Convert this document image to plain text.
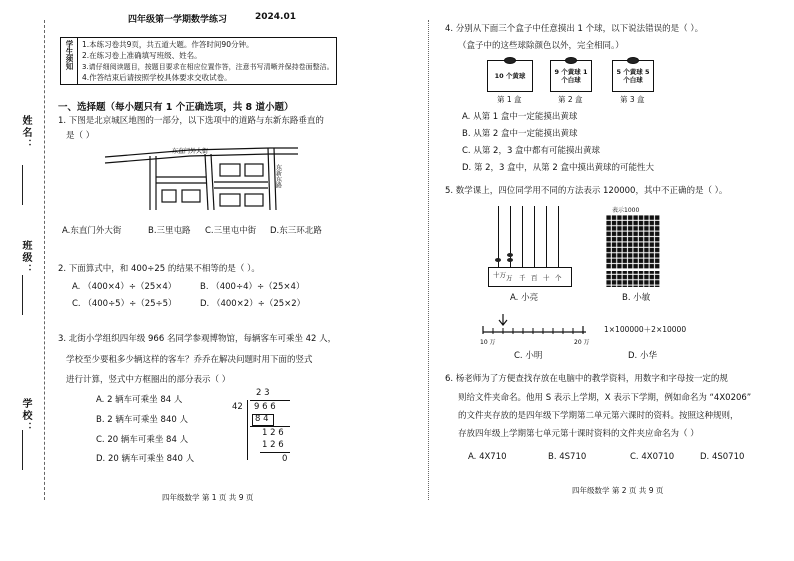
姓名：
班级：
学校：
四年级第一学期数学练习	2024.01
学生须知 1.本练习卷共9页，共五道大题。作答时间90分钟。
2.在练习卷上准确填写班级、姓名。
3.请仔细阅读题目，按题目要求在相应位置作答，注意书写清晰并保持卷面整洁。
4.作答结束后请按照学校具体要求交收试卷。
一、选择题（每小题只有 1 个正确选项，共 8 道小题）
1. 下图是北京城区地图的一部分，以下选项中的道路与东新东路垂直的
是（ ）
东直门外大街
东新东路
A.东直门外大街	B.三里屯路 C.三里屯中街 D.东三环北路
2. 下面算式中，和 400÷25 的结果不相等的是（ ）。
A. （400×4）÷（25×4）	B. （400÷4）÷（25×4）
C. （400÷5）÷（25÷5）	D. （400×2）÷（25×2）
3. 北街小学组织四年级 966 名同学参观博物馆，每辆客车可乘坐 42 人，
学校至少要租多少辆这样的客车？乔乔在解决问题时用下面的竖式
进行计算，竖式中方框圈出的部分表示（ ）
A. 2 辆车可乘坐 84 人
B. 2 辆车可乘坐 840 人
C. 20 辆车可乘坐 84 人
D. 20 辆车可乘坐 840 人
2 3
42 9 6 6
8 4
1 2 6
1 2 6
0
四年级数学 第 1 页 共 9 页
4. 分别从下面三个盒子中任意摸出 1 个球，以下说法错误的是（ ）。
（盒子中的这些球除颜色以外，完全相同。）
10 个黄球
第 1 盒
9 个黄球 1 个白球
第 2 盒
5 个黄球 5 个白球
第 3 盒
A. 从第 1 盒中一定能摸出黄球
B. 从第 2 盒中一定能摸出黄球
C. 从第 2，3 盒中都有可能摸出黄球
D. 第 2，3 盒中，从第 2 盒中摸出黄球的可能性大
5. 数学课上，四位同学用不同的方法表示 120000，其中不正确的是（ ）。
十万 万 千 百 十 个
A. 小亮
表示1000
B. 小敏
10 万	20 万
C. 小明
1×100000＋2×10000
D. 小华
6. 杨老师为了方便查找存放在电脑中的教学资料，用数字和字母按一定的规
则给文件夹命名。他用 S 表示上学期，X 表示下学期，例如命名为 “4X0206”
的文件夹存放的是四年级下学期第二单元第六课时的资料。按照这种规则，
存放四年级上学期第七单元第十课时资料的文件夹应命名为（ ）
A. 4X710	B. 4S710	C. 4X0710	D. 4S0710
四年级数学 第 2 页 共 9 页
